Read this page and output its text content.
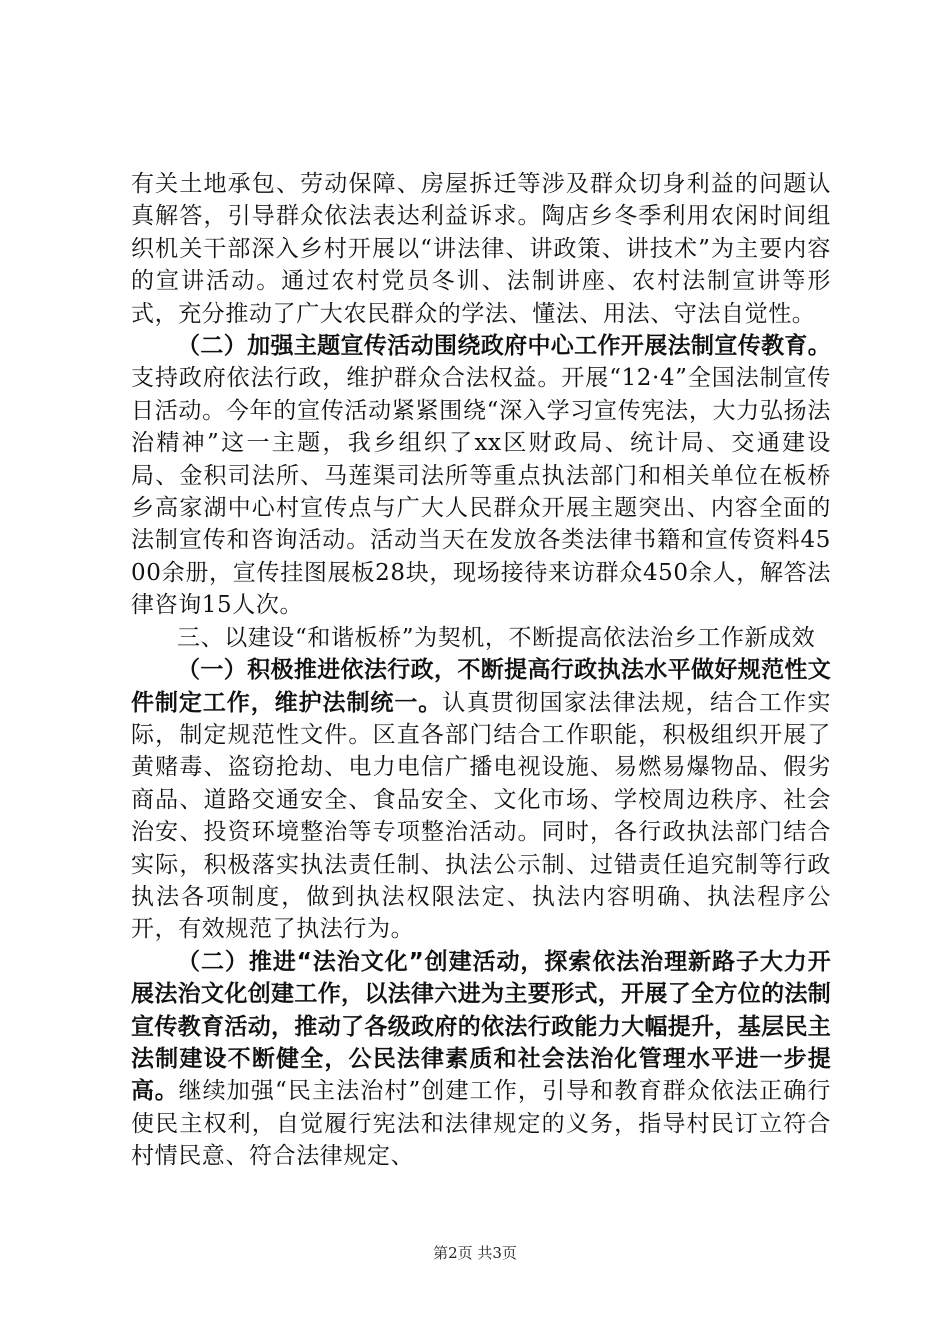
有关土地承包、劳动保障、房屋拆迁等涉及群众切身利益的问题认真解答，引导群众依法表达利益诉求。陶店乡冬季利用农闲时间组织机关干部深入乡村开展以“讲法律、讲政策、讲技术”为主要内容的宣讲活动。通过农村党员冬训、法制讲座、农村法制宣讲等形式，充分推动了广大农民群众的学法、懂法、用法、守法自觉性。

（二）加强主题宣传活动围绕政府中心工作开展法制宣传教育。支持政府依法行政，维护群众合法权益。开展“12·4”全国法制宣传日活动。今年的宣传活动紧紧围绕“深入学习宣传宪法，大力弘扬法治精神”这一主题，我乡组织了xx区财政局、统计局、交通建设局、金积司法所、马莲渠司法所等重点执法部门和相关单位在板桥乡高家湖中心村宣传点与广大人民群众开展主题突出、内容全面的法制宣传和咨询活动。活动当天在发放各类法律书籍和宣传资料4500余册，宣传挂图展板28块，现场接待来访群众450余人，解答法律咨询15人次。

三、以建设“和谐板桥”为契机，不断提高依法治乡工作新成效

（一）积极推进依法行政，不断提高行政执法水平做好规范性文件制定工作，维护法制统一。认真贯彻国家法律法规，结合工作实际，制定规范性文件。区直各部门结合工作职能，积极组织开展了黄赌毒、盗窃抢劫、电力电信广播电视设施、易燃易爆物品、假劣商品、道路交通安全、食品安全、文化市场、学校周边秩序、社会治安、投资环境整治等专项整治活动。同时，各行政执法部门结合实际，积极落实执法责任制、执法公示制、过错责任追究制等行政执法各项制度，做到执法权限法定、执法内容明确、执法程序公开，有效规范了执法行为。

（二）推进“法治文化”创建活动，探索依法治理新路子大力开展法治文化创建工作，以法律六进为主要形式，开展了全方位的法制宣传教育活动，推动了各级政府的依法行政能力大幅提升，基层民主法制建设不断健全，公民法律素质和社会法治化管理水平进一步提高。继续加强“民主法治村”创建工作，引导和教育群众依法正确行使民主权利，自觉履行宪法和法律规定的义务，指导村民订立符合村情民意、符合法律规定、

第2页 共3页
